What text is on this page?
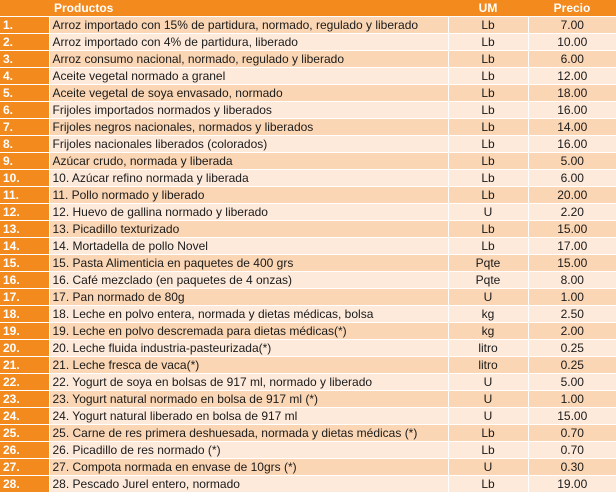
	Productos	UM	Precio
1.	Arroz importado con 15% de partidura, normado, regulado y liberado	Lb	7.00
2.	Arroz importado con 4% de partidura, liberado	Lb	10.00
3.	Arroz consumo nacional, normado, regulado y liberado	Lb	6.00
4.	Aceite vegetal normado a granel	Lb	12.00
5.	Aceite vegetal de soya envasado, normado	Lb	18.00
6.	Frijoles importados normados y liberados	Lb	16.00
7.	Frijoles negros nacionales, normados y liberados	Lb	14.00
8.	Frijoles nacionales liberados (colorados)	Lb	16.00
9.	Azúcar crudo, normada y liberada	Lb	5.00
10.	10. Azúcar refino normada y liberada	Lb	6.00
11.	11. Pollo normado y liberado	Lb	20.00
12.	12. Huevo de gallina normado y liberado	U	2.20
13.	13. Picadillo texturizado	Lb	15.00
14.	14. Mortadella de pollo Novel	Lb	17.00
15.	15. Pasta Alimenticia en paquetes de 400 grs	Pqte	15.00
16.	16. Café mezclado (en paquetes de 4 onzas)	Pqte	8.00
17.	17. Pan normado de 80g	U	1.00
18.	18. Leche en polvo entera, normada y dietas médicas, bolsa	kg	2.50
19.	19. Leche en polvo descremada para dietas médicas(*)	kg	2.00
20.	20. Leche fluida industria-pasteurizada(*)	litro	0.25
21.	21. Leche fresca de vaca(*)	litro	0.25
22.	22. Yogurt de soya en bolsas de 917 ml, normado y liberado	U	5.00
23.	23. Yogurt natural normado en bolsa de 917 ml (*)	U	1.00
24.	24. Yogurt natural liberado en bolsa de 917 ml	U	15.00
25.	25. Carne de res primera deshuesada, normada y dietas médicas (*)	Lb	0.70
26.	26. Picadillo de res normado (*)	Lb	0.70
27.	27. Compota normada en envase de 10grs (*)	U	0.30
28.	28. Pescado Jurel entero, normado	Lb	19.00
